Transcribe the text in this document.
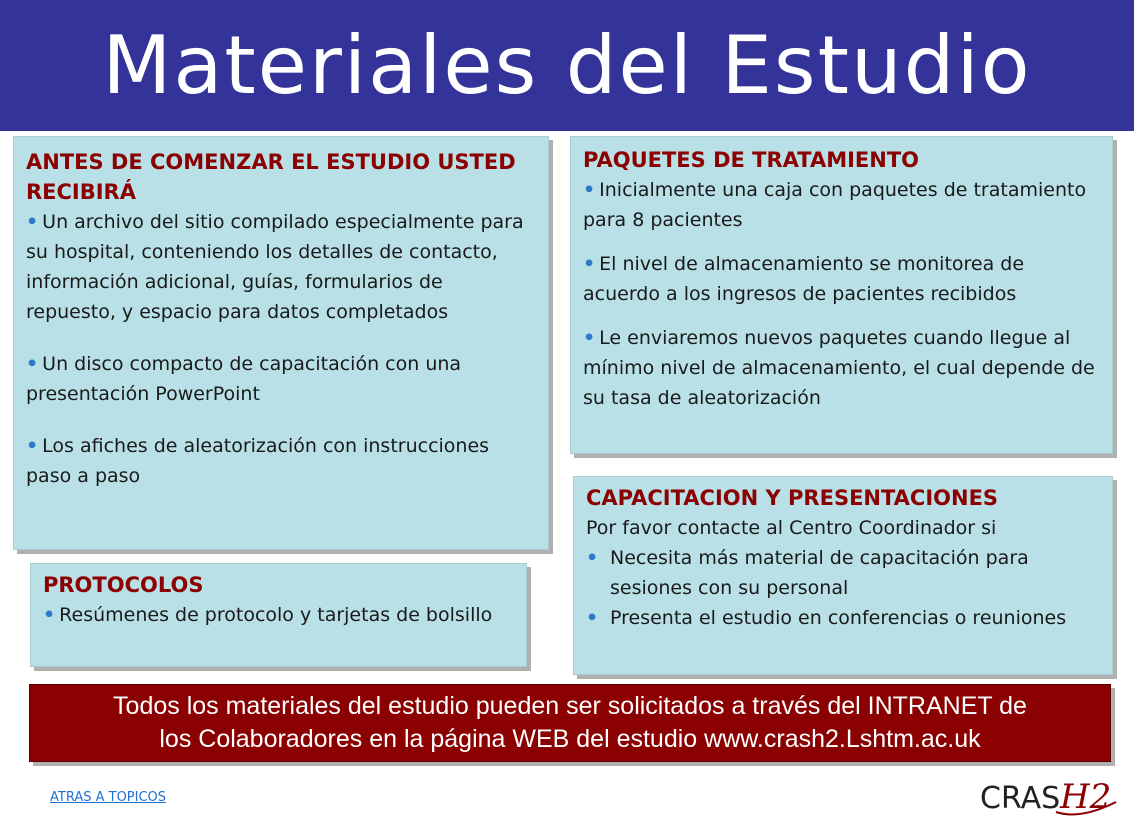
Materiales del Estudio
ANTES DE COMENZAR EL ESTUDIO USTED RECIBIRÁ

• Un archivo del sitio compilado especialmente para su hospital, conteniendo los detalles de contacto, información adicional, guías, formularios de repuesto, y espacio para datos completados

• Un disco compacto de capacitación con una presentación PowerPoint

• Los afiches de aleatorización con instrucciones paso a paso

PAQUETES DE TRATAMIENTO

• Inicialmente una caja con paquetes de tratamiento para 8 pacientes

• El nivel de almacenamiento se monitorea de acuerdo a los ingresos de pacientes recibidos

• Le enviaremos nuevos paquetes cuando llegue al mínimo nivel de almacenamiento, el cual depende de su tasa de aleatorización

PROTOCOLOS

• Resúmenes de protocolo y tarjetas de bolsillo

CAPACITACION Y PRESENTACIONES

Por favor contacte al Centro Coordinador si

• Necesita más material de capacitación para sesiones con su personal

• Presenta el estudio en conferencias o reuniones

Todos los materiales del estudio pueden ser solicitados a través del INTRANET de
los Colaboradores en la página WEB del estudio www.crash2.Lshtm.ac.uk
ATRAS A TOPICOS	CRAS H2
